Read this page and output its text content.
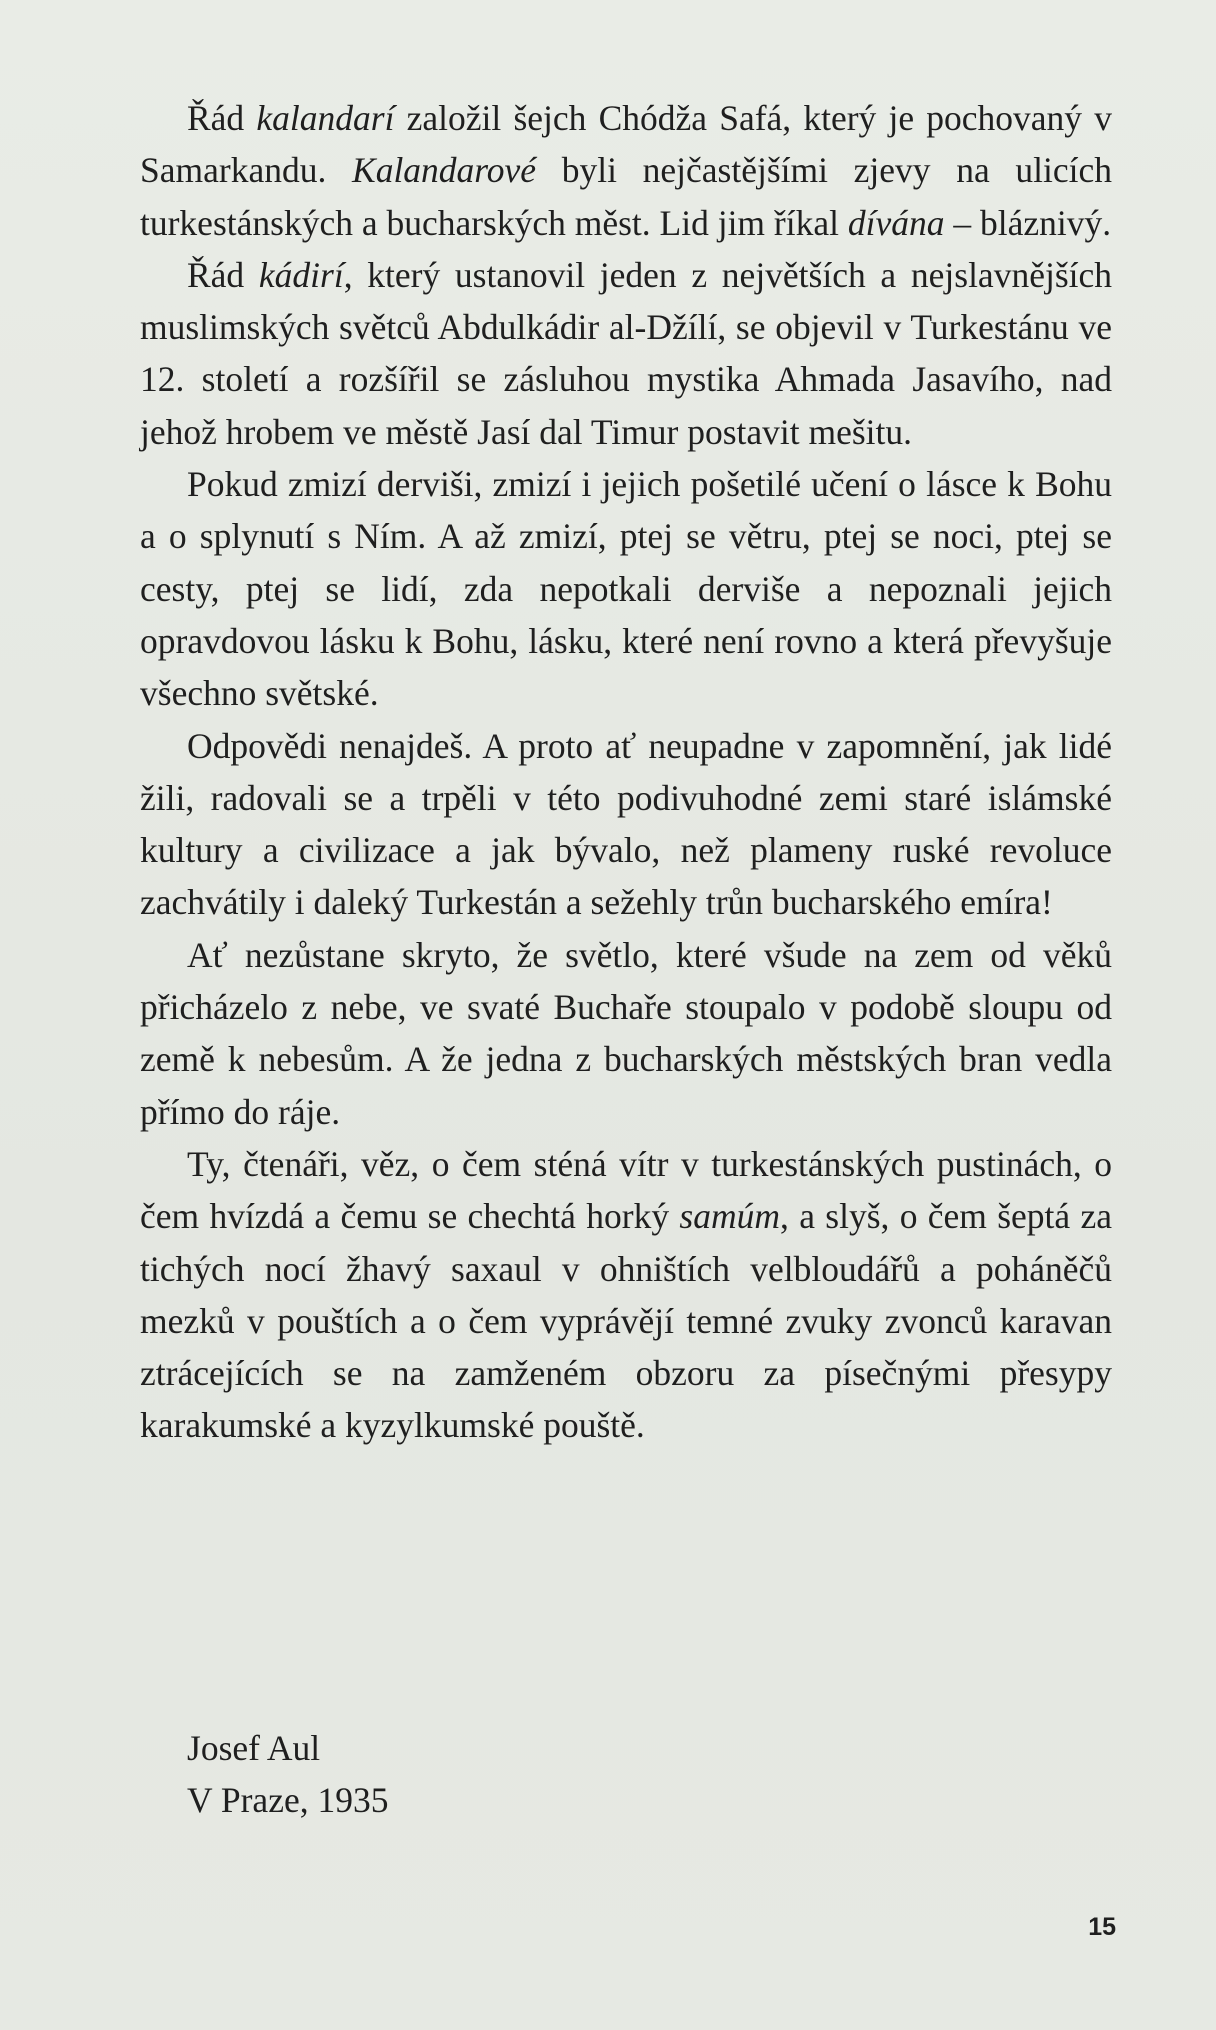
Řád kalandarí založil šejch Chódža Safá, který je pochovaný v Samarkandu. Kalandarové byli nejčastějšími zjevy na ulicích turkestánských a bucharských měst. Lid jim říkal dívána – bláznivý.

Řád kádirí, který ustanovil jeden z největších a nejslavnějších muslimských světců Abdulkádir al-Džílí, se objevil v Turkestánu ve 12. století a rozšířil se zásluhou mystika Ahmada Jasavího, nad jehož hrobem ve městě Jasí dal Timur postavit mešitu.

Pokud zmizí derviši, zmizí i jejich pošetilé učení o lásce k Bohu a o splynutí s Ním. A až zmizí, ptej se větru, ptej se noci, ptej se cesty, ptej se lidí, zda nepotkali dervišе a nepoznali jejich opravdovou lásku k Bohu, lásku, které není rovno a která převyšuje všechno světské.

Odpovědi nenajdeš. A proto ať neupadne v zapomnění, jak lidé žili, radovali se a trpěli v této podivuhodné zemi staré islámské kultury a civilizace a jak bývalo, než plameny ruské revoluce zachvátily i daleký Turkestán a sežehly trůn bucharského emíra!

Ať nezůstane skryto, že světlo, které všude na zem od věků přicházelo z nebe, ve svaté Buchaře stoupalo v podobě sloupu od země k nebesům. A že jedna z bucharských městských bran vedla přímo do ráje.

Ty, čtenáři, věz, o čem sténá vítr v turkestánských pustinách, o čem hvízdá a čemu se chechtá horký samúm, a slyš, o čem šeptá za tichých nocí žhavý saxaul v ohništích velbloudářů a poháněčů mezků v pouštích a o čem vyprávějí temné zvuky zvonců karavan ztrácejících se na zamženém obzoru za písečnými přesypy karakumské a kyzylkumské pouště.

Josef Aul
V Praze, 1935
15
